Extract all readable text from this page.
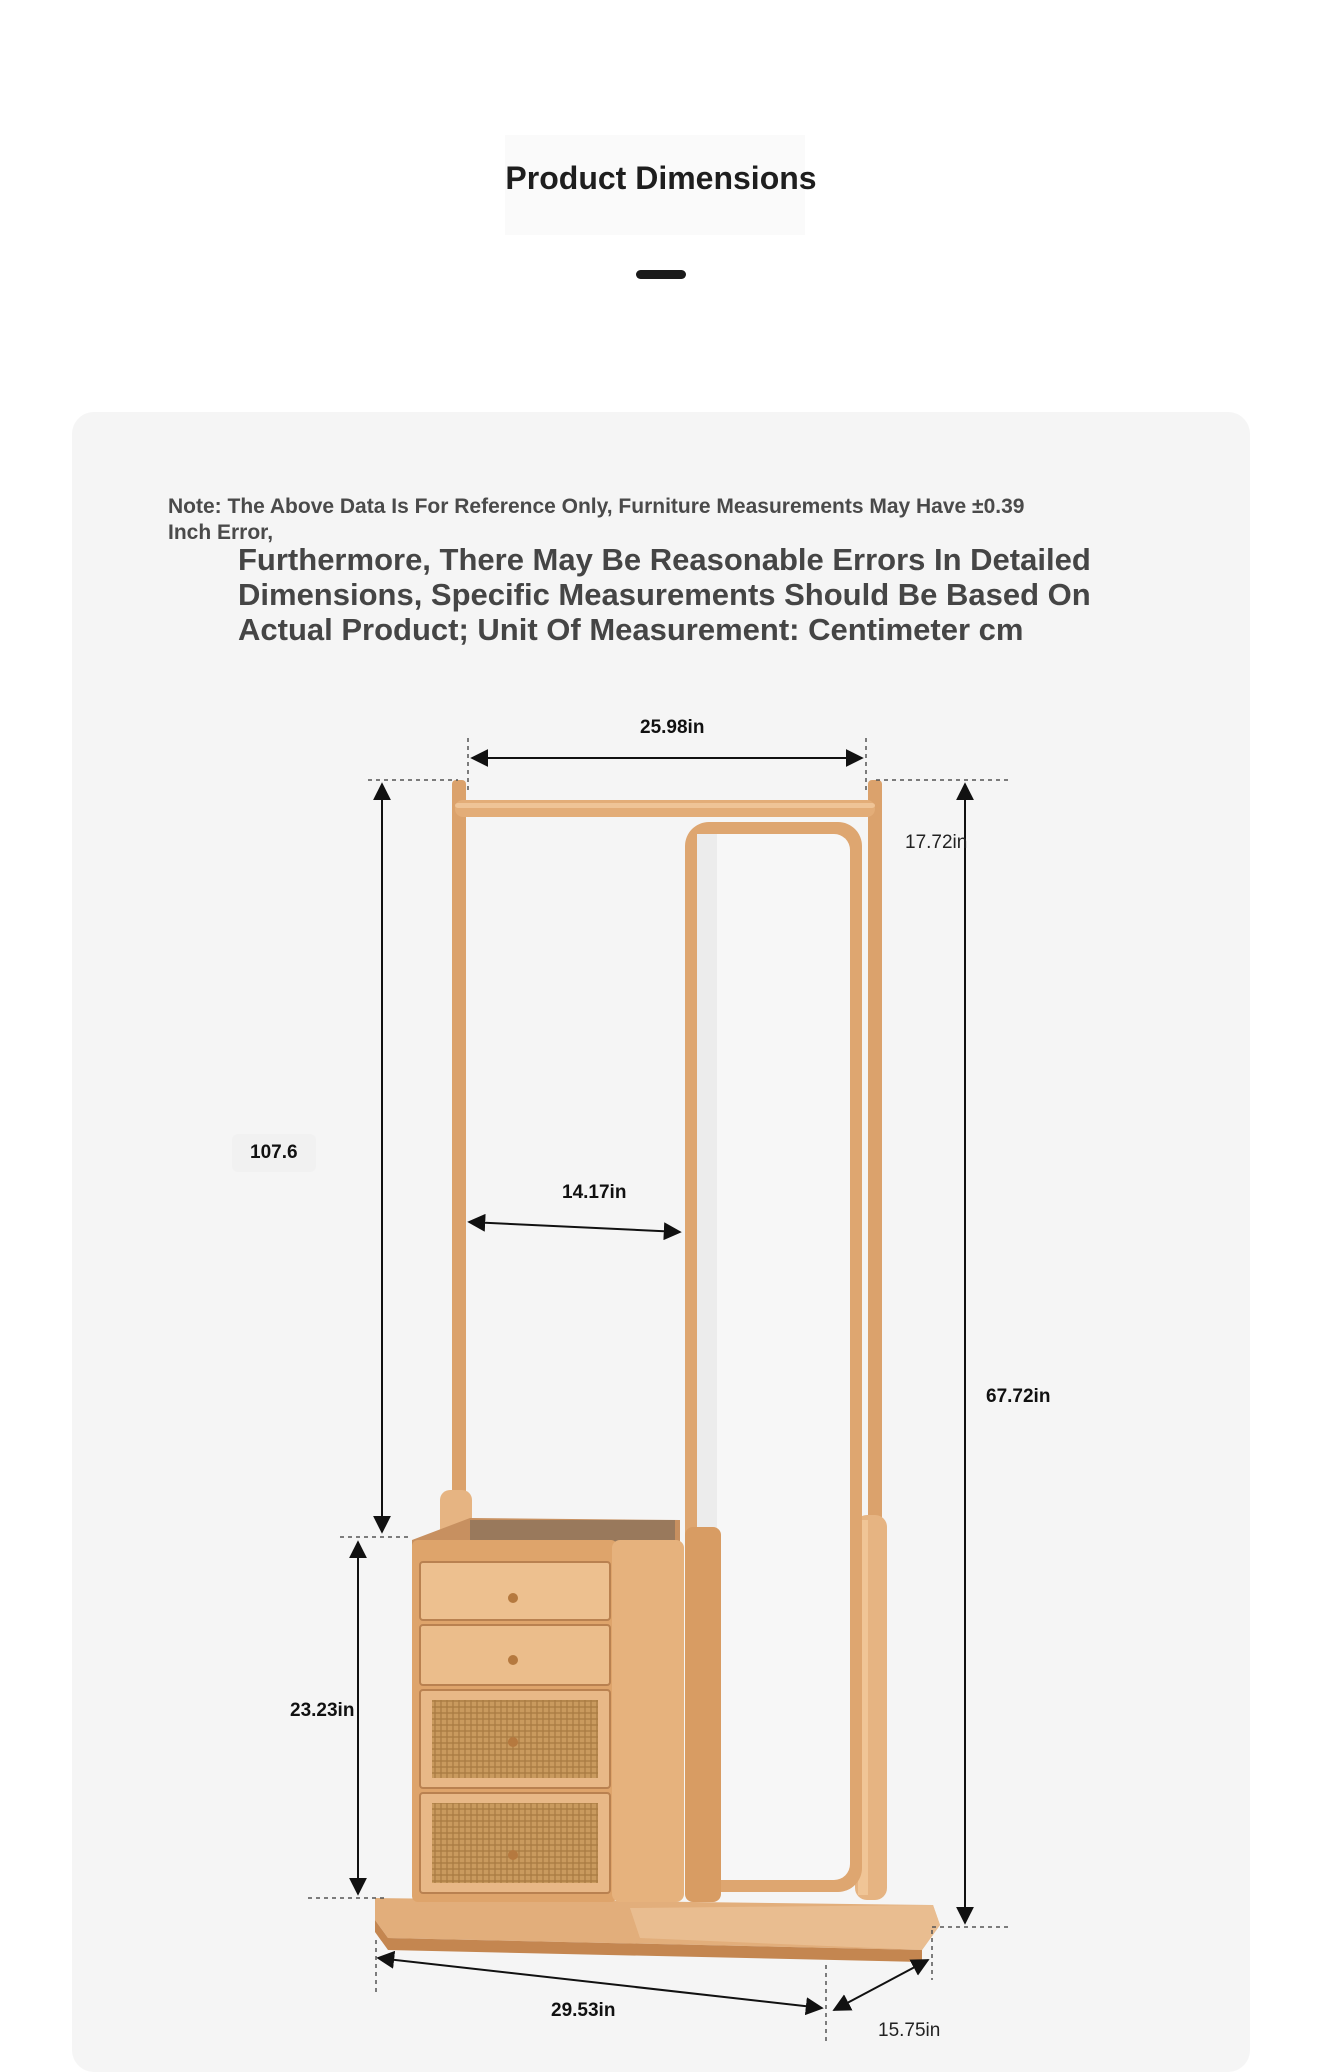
Product Dimensions
Note: The Above Data Is For Reference Only, Furniture Measurements May Have ±0.39 Inch Error,
Furthermore, There May Be Reasonable Errors In Detailed Dimensions, Specific Measurements Should Be Based On Actual Product; Unit Of Measurement: Centimeter cm
25.98in
17.72in
107.6
14.17in
67.72in
23.23in
29.53in
15.75in
